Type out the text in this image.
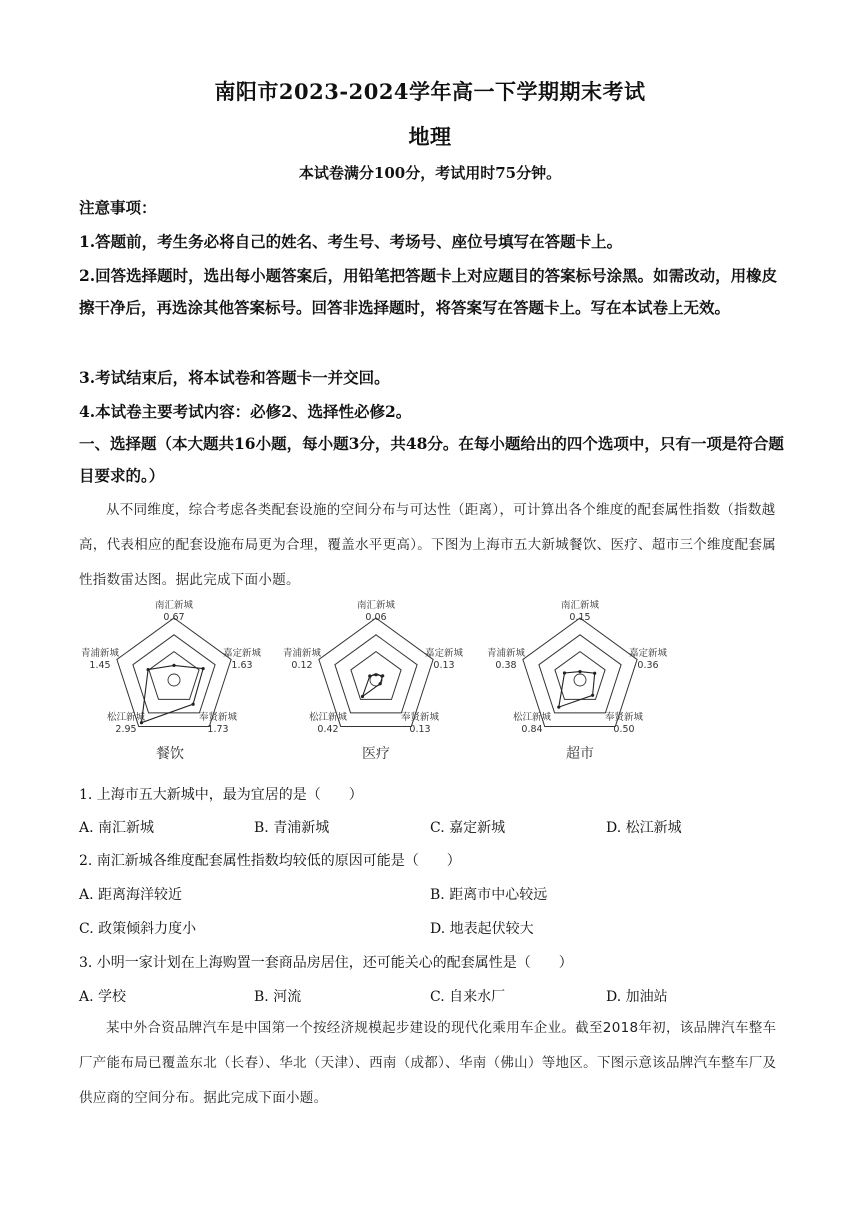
南阳市2023-2024学年高一下学期期末考试
地理
本试卷满分100分，考试用时75分钟。
注意事项：
1.答题前，考生务必将自己的姓名、考生号、考场号、座位号填写在答题卡上。
2.回答选择题时，选出每小题答案后，用铅笔把答题卡上对应题目的答案标号涂黑。如需改动，用橡皮擦干净后，再选涂其他答案标号。回答非选择题时，将答案写在答题卡上。写在本试卷上无效。
3.考试结束后，将本试卷和答题卡一并交回。
4.本试卷主要考试内容：必修2、选择性必修2。
一、选择题（本大题共16小题，每小题3分，共48分。在每小题给出的四个选项中，只有一项是符合题目要求的。）
从不同维度，综合考虑各类配套设施的空间分布与可达性（距离），可计算出各个维度的配套属性指数（指数越高，代表相应的配套设施布局更为合理，覆盖水平更高）。下图为上海市五大新城餐饮、医疗、超市三个维度配套属性指数雷达图。据此完成下面小题。
南汇新城
0.67
嘉定新城
1.63
奉贤新城
1.73
松江新城
2.95
青浦新城
1.45
餐饮
南汇新城
0.06
嘉定新城
0.13
奉贤新城
0.13
松江新城
0.42
青浦新城
0.12
医疗
南汇新城
0.15
嘉定新城
0.36
奉贤新城
0.50
松江新城
0.84
青浦新城
0.38
超市
1. 上海市五大新城中，最为宜居的是（　　）
A. 南汇新城	B. 青浦新城	C. 嘉定新城	D. 松江新城
2. 南汇新城各维度配套属性指数均较低的原因可能是（　　）
A. 距离海洋较近	B. 距离市中心较远
C. 政策倾斜力度小	D. 地表起伏较大
3. 小明一家计划在上海购置一套商品房居住，还可能关心的配套属性是（　　）
A. 学校	B. 河流	C. 自来水厂	D. 加油站
某中外合资品牌汽车是中国第一个按经济规模起步建设的现代化乘用车企业。截至2018年初，该品牌汽车整车厂产能布局已覆盖东北（长春）、华北（天津）、西南（成都）、华南（佛山）等地区。下图示意该品牌汽车整车厂及供应商的空间分布。据此完成下面小题。
